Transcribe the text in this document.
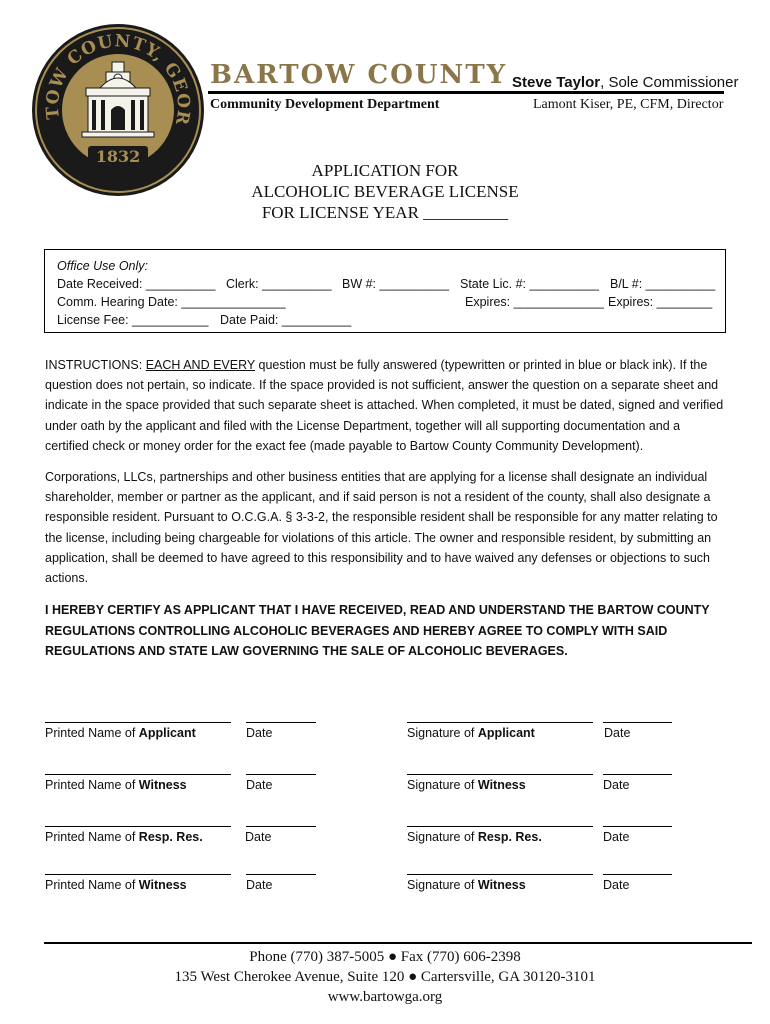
TOW COUNTY, GEOR
1832
BARTOW COUNTY
Community Development Department
Steve Taylor, Sole Commissioner
Lamont Kiser, PE, CFM, Director
APPLICATION FOR
ALCOHOLIC BEVERAGE LICENSE
FOR LICENSE YEAR __________
Office Use Only:
Date Received: __________ Clerk: __________ BW #: __________ State Lic. #: __________ B/L #: __________
Comm. Hearing Date: _______________	Expires: _____________ Expires: ________
License Fee: ___________ Date Paid: __________

INSTRUCTIONS: EACH AND EVERY question must be fully answered (typewritten or printed in blue or black ink). If the question does not pertain, so indicate. If the space provided is not sufficient, answer the question on a separate sheet and indicate in the space provided that such separate sheet is attached. When completed, it must be dated, signed and verified under oath by the applicant and filed with the License Department, together will all supporting documentation and a certified check or money order for the exact fee (made payable to Bartow County Community Development).

Corporations, LLCs, partnerships and other business entities that are applying for a license shall designate an individual shareholder, member or partner as the applicant, and if said person is not a resident of the county, shall also designate a responsible resident. Pursuant to O.C.G.A. § 3-3-2, the responsible resident shall be responsible for any matter relating to the license, including being chargeable for violations of this article. The owner and responsible resident, by submitting an application, shall be deemed to have agreed to this responsibility and to have waived any defenses or objections to such actions.

I HEREBY CERTIFY AS APPLICANT THAT I HAVE RECEIVED, READ AND UNDERSTAND THE BARTOW COUNTY REGULATIONS CONTROLLING ALCOHOLIC BEVERAGES AND HEREBY AGREE TO COMPLY WITH SAID REGULATIONS AND STATE LAW GOVERNING THE SALE OF ALCOHOLIC BEVERAGES.
Printed Name of Applicant	Date	Signature of Applicant	Date
Printed Name of Witness	Date	Signature of Witness	Date
Printed Name of Resp. Res.	Date	Signature of Resp. Res.	Date
Printed Name of Witness	Date	Signature of Witness	Date
Phone (770) 387-5005 ● Fax (770) 606-2398
135 West Cherokee Avenue, Suite 120 ● Cartersville, GA 30120-3101
www.bartowga.org
